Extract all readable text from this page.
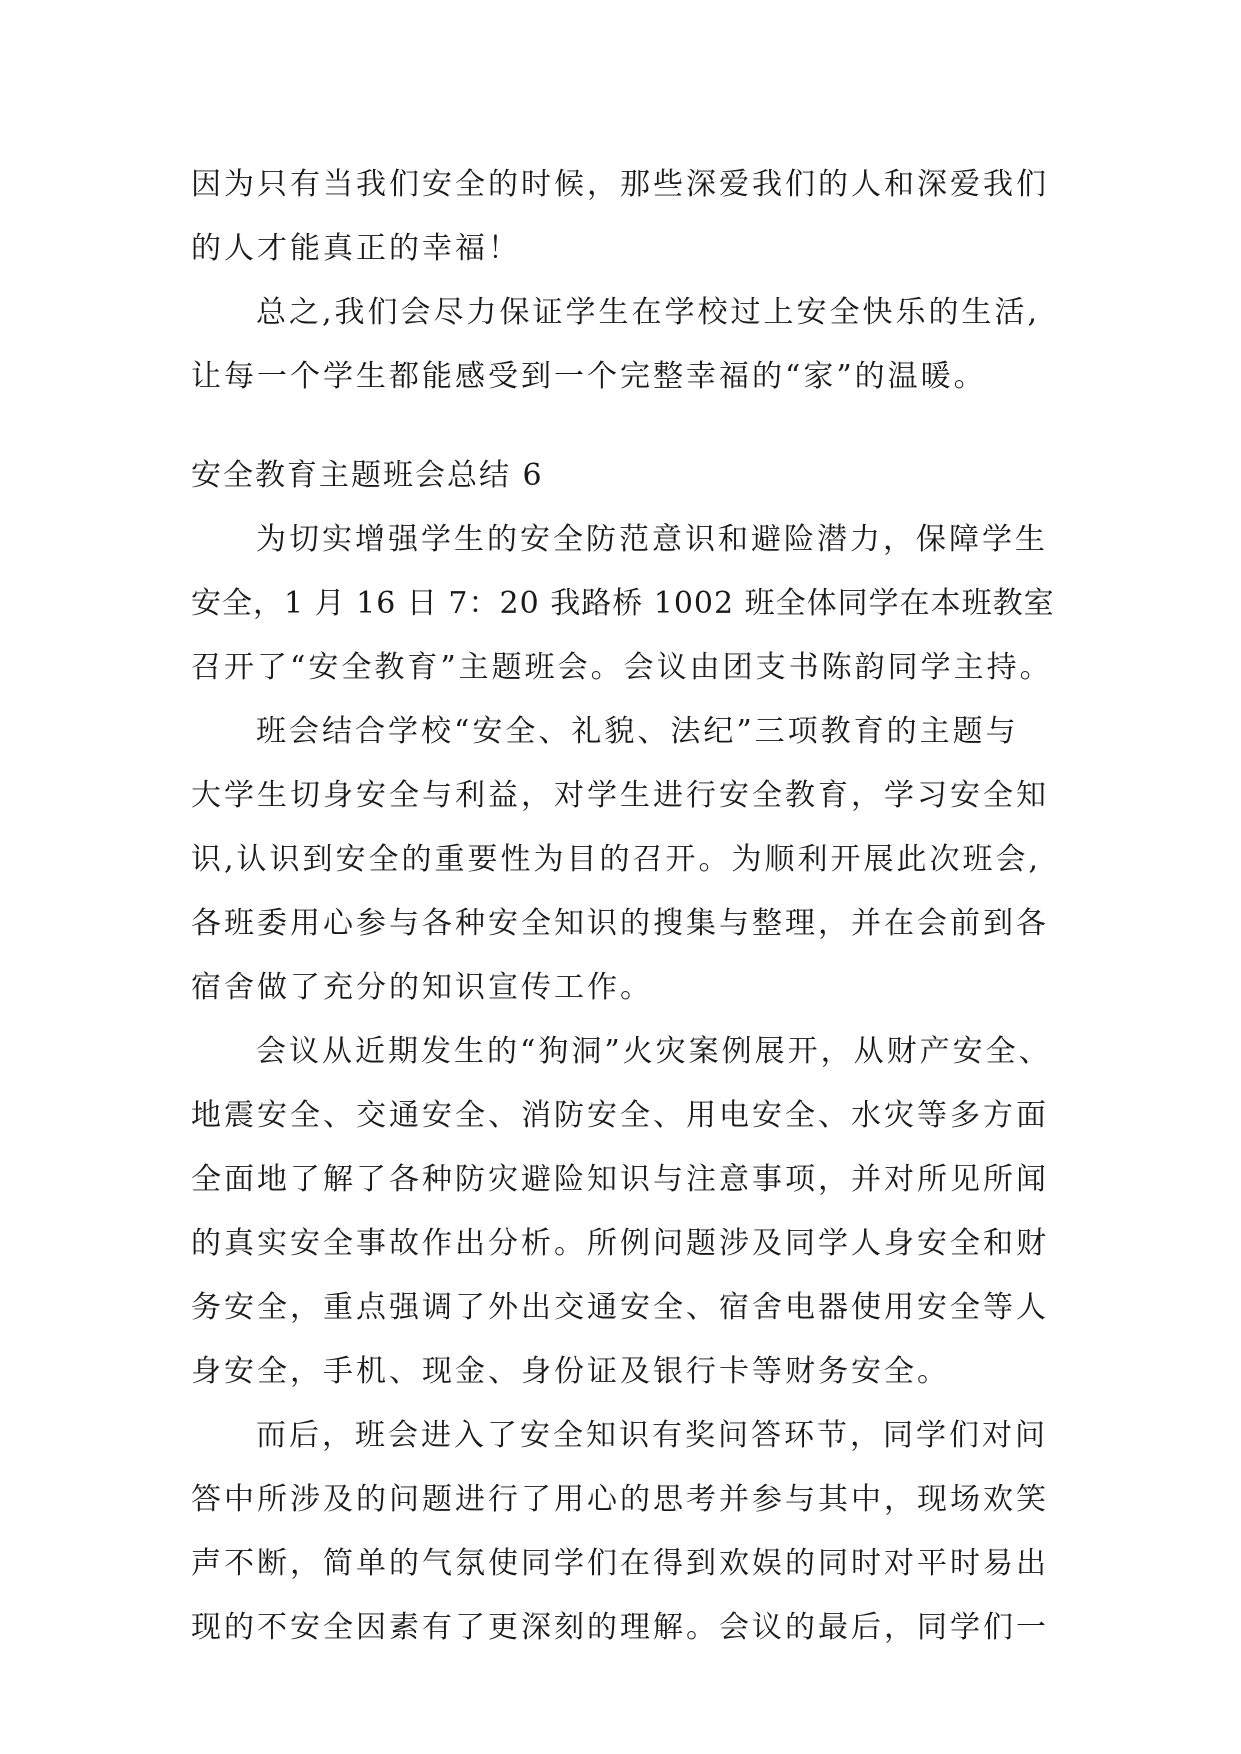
因为只有当我们安全的时候，那些深爱我们的人和深爱我们

的人才能真正的幸福！

总之,我们会尽力保证学生在学校过上安全快乐的生活,

让每一个学生都能感受到一个完整幸福的“家”的温暖。

安全教育主题班会总结 6

为切实增强学生的安全防范意识和避险潜力，保障学生

安全，1 月 16 日 7：20 我路桥 1002 班全体同学在本班教室

召开了“安全教育”主题班会。会议由团支书陈韵同学主持。

班会结合学校“安全、礼貌、法纪”三项教育的主题与

大学生切身安全与利益，对学生进行安全教育，学习安全知

识,认识到安全的重要性为目的召开。为顺利开展此次班会,

各班委用心参与各种安全知识的搜集与整理，并在会前到各

宿舍做了充分的知识宣传工作。

会议从近期发生的“狗洞”火灾案例展开，从财产安全、

地震安全、交通安全、消防安全、用电安全、水灾等多方面

全面地了解了各种防灾避险知识与注意事项，并对所见所闻

的真实安全事故作出分析。所例问题涉及同学人身安全和财

务安全，重点强调了外出交通安全、宿舍电器使用安全等人

身安全，手机、现金、身份证及银行卡等财务安全。

而后，班会进入了安全知识有奖问答环节，同学们对问

答中所涉及的问题进行了用心的思考并参与其中，现场欢笑

声不断，简单的气氛使同学们在得到欢娱的同时对平时易出

现的不安全因素有了更深刻的理解。会议的最后，同学们一
